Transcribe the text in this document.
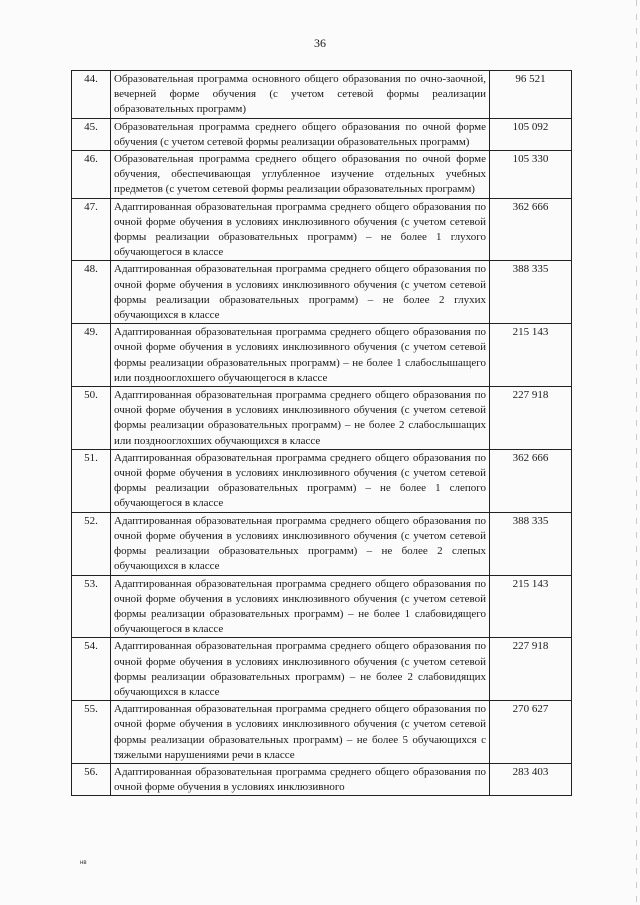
36
44.	Образовательная программа основного общего образования по очно-заочной, вечерней форме обучения (с учетом сетевой формы реализации образовательных программ)	96 521
45.	Образовательная программа среднего общего образования по очной форме обучения (с учетом сетевой формы реализации образовательных программ)	105 092
46.	Образовательная программа среднего общего образования по очной форме обучения, обеспечивающая углубленное изучение отдельных учебных предметов (с учетом сетевой формы реализации образовательных программ)	105 330
47.	Адаптированная образовательная программа среднего общего образования по очной форме обучения в условиях инклюзивного обучения (с учетом сетевой формы реализации образовательных программ) – не более 1 глухого обучающегося в классе	362 666
48.	Адаптированная образовательная программа среднего общего образования по очной форме обучения в условиях инклюзивного обучения (с учетом сетевой формы реализации образовательных программ) – не более 2 глухих обучающихся в классе	388 335
49.	Адаптированная образовательная программа среднего общего образования по очной форме обучения в условиях инклюзивного обучения (с учетом сетевой формы реализации образовательных программ) – не более 1 слабослышащего или позднооглохшего обучающегося в классе	215 143
50.	Адаптированная образовательная программа среднего общего образования по очной форме обучения в условиях инклюзивного обучения (с учетом сетевой формы реализации образовательных программ) – не более 2 слабослышащих или позднооглохших обучающихся в классе	227 918
51.	Адаптированная образовательная программа среднего общего образования по очной форме обучения в условиях инклюзивного обучения (с учетом сетевой формы реализации образовательных программ) – не более 1 слепого обучающегося в классе	362 666
52.	Адаптированная образовательная программа среднего общего образования по очной форме обучения в условиях инклюзивного обучения (с учетом сетевой формы реализации образовательных программ) – не более 2 слепых обучающихся в классе	388 335
53.	Адаптированная образовательная программа среднего общего образования по очной форме обучения в условиях инклюзивного обучения (с учетом сетевой формы реализации образовательных программ) – не более 1 слабовидящего обучающегося в классе	215 143
54.	Адаптированная образовательная программа среднего общего образования по очной форме обучения в условиях инклюзивного обучения (с учетом сетевой формы реализации образовательных программ) – не более 2 слабовидящих обучающихся в классе	227 918
55.	Адаптированная образовательная программа среднего общего образования по очной форме обучения в условиях инклюзивного обучения (с учетом сетевой формы реализации образовательных программ) – не более 5 обучающихся с тяжелыми нарушениями речи в классе	270 627
56.	Адаптированная образовательная программа среднего общего образования по очной форме обучения в условиях инклюзивного	283 403
нв
